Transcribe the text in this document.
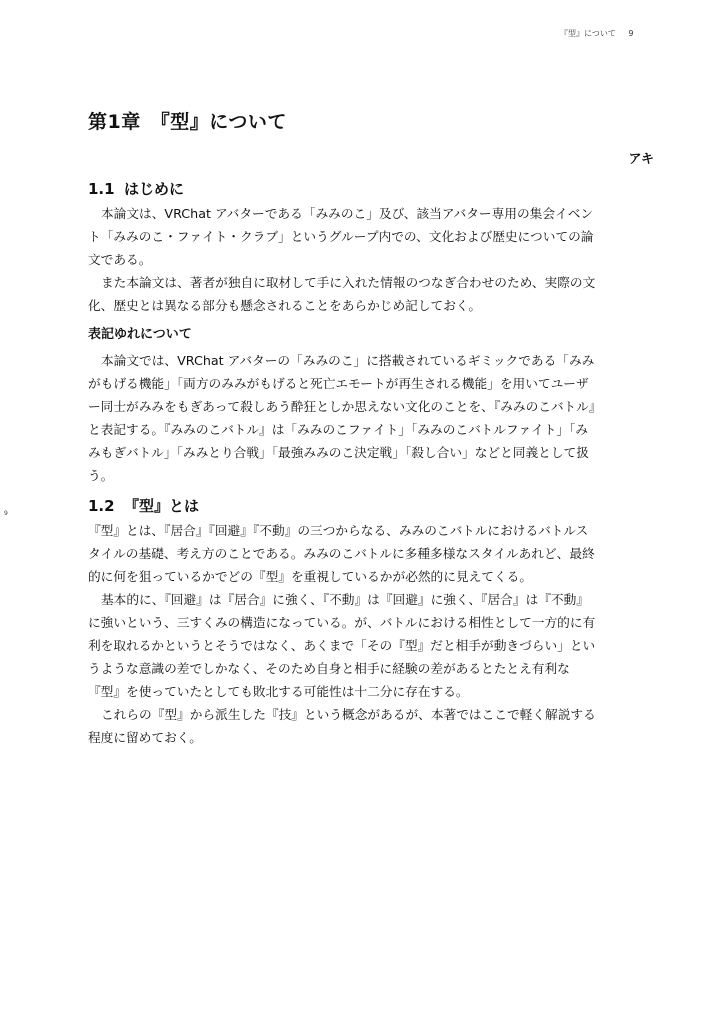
『型』について 9
9
第1章　『型』について
アキ
1.1 はじめに
本論文は、VRChat アバターである「みみのこ」及び、該当アバター専用の集会イベン
ト「みみのこ・ファイト・クラブ」というグループ内での、文化および歴史についての論
文である。
また本論文は、著者が独自に取材して手に入れた情報のつなぎ合わせのため、実際の文
化、歴史とは異なる部分も懸念されることをあらかじめ記しておく。
表記ゆれについて
本論文では、VRChat アバターの「みみのこ」に搭載されているギミックである「みみ
がもげる機能」「両方のみみがもげると死亡エモートが再生される機能」を用いてユーザ
ー同士がみみをもぎあって殺しあう酔狂としか思えない文化のことを、『みみのこバトル』
と表記する。『みみのこバトル』は「みみのこファイト」「みみのこバトルファイト」「み
みもぎバトル」「みみとり合戦」「最強みみのこ決定戦」「殺し合い」などと同義として扱
う。
1.2 『型』とは
『型』とは、『居合』『回避』『不動』の三つからなる、みみのこバトルにおけるバトルス
タイルの基礎、考え方のことである。みみのこバトルに多種多様なスタイルあれど、最終
的に何を狙っているかでどの『型』を重視しているかが必然的に見えてくる。
基本的に、『回避』は『居合』に強く、『不動』は『回避』に強く、『居合』は『不動』
に強いという、三すくみの構造になっている。が、バトルにおける相性として一方的に有
利を取れるかというとそうではなく、あくまで「その『型』だと相手が動きづらい」とい
うような意識の差でしかなく、そのため自身と相手に経験の差があるとたとえ有利な
『型』を使っていたとしても敗北する可能性は十二分に存在する。
これらの『型』から派生した『技』という概念があるが、本著ではここで軽く解説する
程度に留めておく。
